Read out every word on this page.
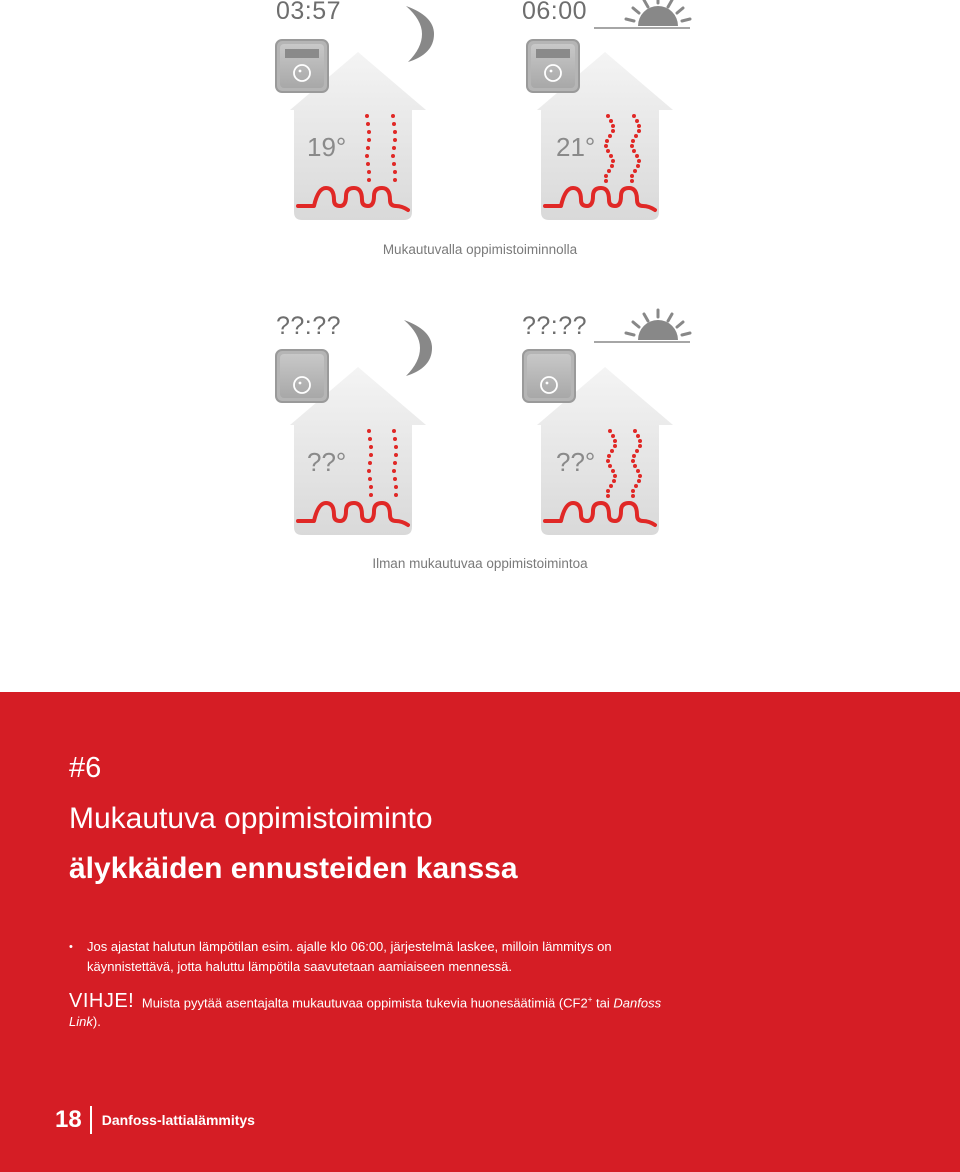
03:57	06:00
19°	21°
Mukautuvalla oppimistoiminnolla
??:??	??:??
??°	??°
Ilman mukautuvaa oppimistoimintoa
#6
Mukautuva oppimistoiminto
älykkäiden ennusteiden kanssa
• Jos ajastat halutun lämpötilan esim. ajalle klo 06:00, järjestelmä laskee, milloin lämmitys on käynnistettävä, jotta haluttu lämpötila saavutetaan aamiaiseen mennessä.
VIHJE! Muista pyytää asentajalta mukautuvaa oppimista tukevia huonesäätimiä (CF2+ tai Danfoss Link).
18	Danfoss-lattialämmitys
